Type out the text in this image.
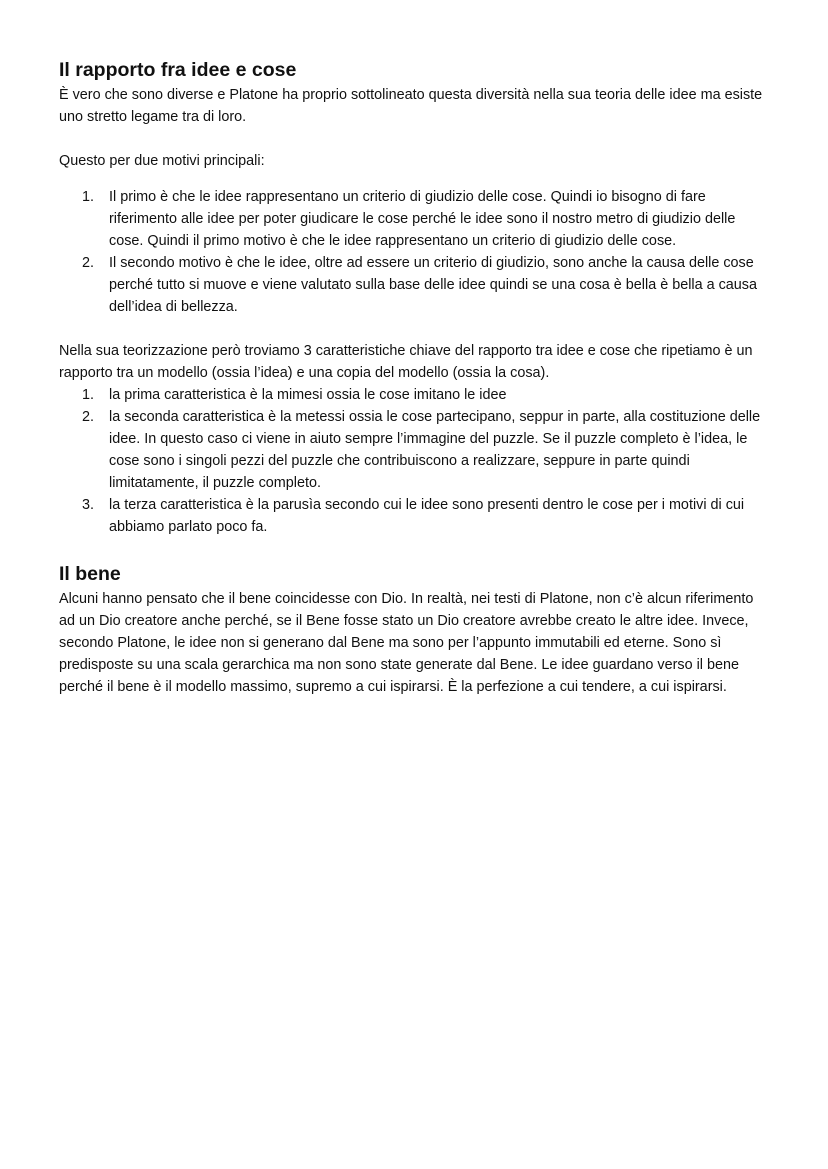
Il rapporto fra idee e cose

È vero che sono diverse e Platone ha proprio sottolineato questa diversità nella sua teoria delle idee ma esiste uno stretto legame tra di loro.

Questo per due motivi principali:

1. Il primo è che le idee rappresentano un criterio di giudizio delle cose. Quindi io bisogno di fare riferimento alle idee per poter giudicare le cose perché le idee sono il nostro metro di giudizio delle cose. Quindi il primo motivo è che le idee rappresentano un criterio di giudizio delle cose.
2. Il secondo motivo è che le idee, oltre ad essere un criterio di giudizio, sono anche la causa delle cose perché tutto si muove e viene valutato sulla base delle idee quindi se una cosa è bella è bella a causa dell’idea di bellezza.

Nella sua teorizzazione però troviamo 3 caratteristiche chiave del rapporto tra idee e cose che ripetiamo è un rapporto tra un modello (ossia l’idea) e una copia del modello (ossia la cosa).

1. la prima caratteristica è la mimesi ossia le cose imitano le idee
2. la seconda caratteristica è la metessi ossia le cose partecipano, seppur in parte, alla costituzione delle idee. In questo caso ci viene in aiuto sempre l’immagine del puzzle. Se il puzzle completo è l’idea, le cose sono i singoli pezzi del puzzle che contribuiscono a realizzare, seppure in parte quindi limitatamente, il puzzle completo.
3. la terza caratteristica è la parusìa secondo cui le idee sono presenti dentro le cose per i motivi di cui abbiamo parlato poco fa.
Il bene

Alcuni hanno pensato che il bene coincidesse con Dio. In realtà, nei testi di Platone, non c’è alcun riferimento ad un Dio creatore anche perché, se il Bene fosse stato un Dio creatore avrebbe creato le altre idee. Invece, secondo Platone, le idee non si generano dal Bene ma sono per l’appunto immutabili ed eterne. Sono sì predisposte su una scala gerarchica ma non sono state generate dal Bene. Le idee guardano verso il bene perché il bene è il modello massimo, supremo a cui ispirarsi. È la perfezione a cui tendere, a cui ispirarsi.
